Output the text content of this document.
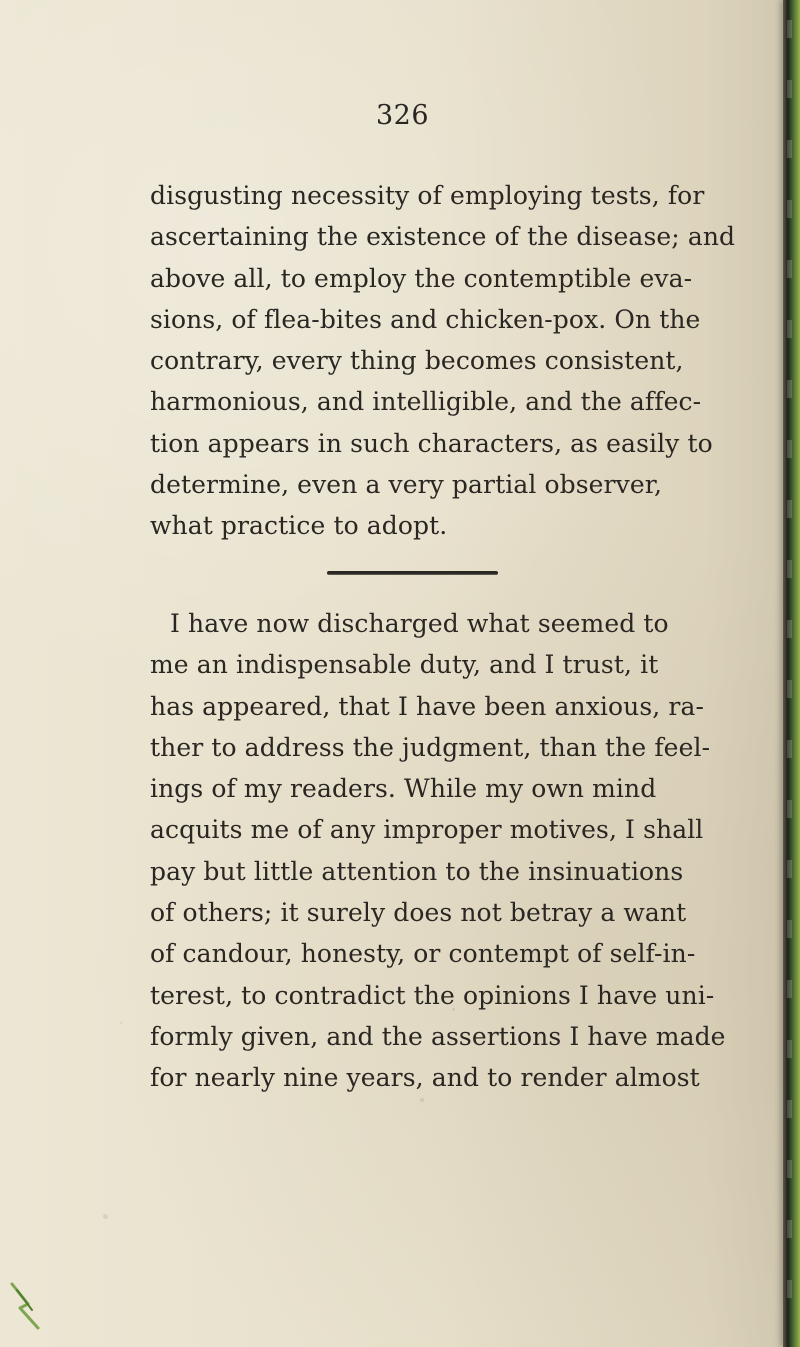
326
disgusting necessity of employing tests, for
ascertaining the existence of the disease; and
above all, to employ the contemptible eva-
sions, of flea-bites and chicken-pox. On the
contrary, every thing becomes consistent,
harmonious, and intelligible, and the affec-
tion appears in such characters, as easily to
determine, even a very partial observer,
what practice to adopt.
I have now discharged what seemed to
me an indispensable duty, and I trust, it
has appeared, that I have been anxious, ra-
ther to address the judgment, than the feel-
ings of my readers. While my own mind
acquits me of any improper motives, I shall
pay but little attention to the insinuations
of others; it surely does not betray a want
of candour, honesty, or contempt of self-in-
terest, to contradict the opinions I have uni-
formly given, and the assertions I have made
for nearly nine years, and to render almost
